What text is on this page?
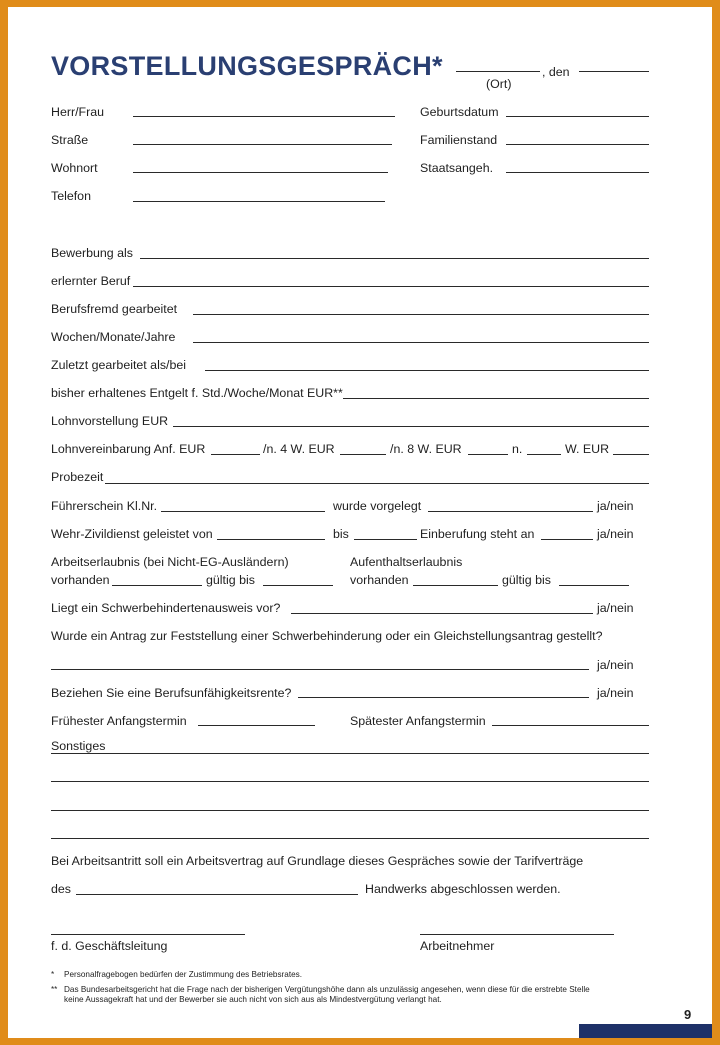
VORSTELLUNGSGESPRÄCH*	, den
(Ort)
Herr/Frau	Geburtsdatum
Straße	Familienstand
Wohnort	Staatsangeh.
Telefon
Bewerbung als
erlernter Beruf
Berufsfremd gearbeitet
Wochen/Monate/Jahre
Zuletzt gearbeitet als/bei
bisher erhaltenes Entgelt f. Std./Woche/Monat EUR**
Lohnvorstellung EUR
Lohnvereinbarung Anf. EUR	/n. 4 W. EUR	/n. 8 W. EUR	n.	W. EUR
Probezeit
Führerschein Kl.Nr.	wurde vorgelegt	ja/nein
Wehr-Zivildienst geleistet von	bis	Einberufung steht an	ja/nein
Arbeitserlaubnis (bei Nicht-EG-Ausländern)	Aufenthaltserlaubnis
vorhanden	gültig bis	vorhanden	gültig bis
Liegt ein Schwerbehindertenausweis vor?	ja/nein
Wurde ein Antrag zur Feststellung einer Schwerbehinderung oder ein Gleichstellungsantrag gestellt?
ja/nein
Beziehen Sie eine Berufsunfähigkeitsrente?	ja/nein
Frühester Anfangstermin	Spätester Anfangstermin
Sonstiges
Bei Arbeitsantritt soll ein Arbeitsvertrag auf Grundlage dieses Gespräches sowie der Tarifverträge
des	Handwerks abgeschlossen werden.
f. d. Geschäftsleitung	Arbeitnehmer
* Personalfragebogen bedürfen der Zustimmung des Betriebsrates.
** Das Bundesarbeitsgericht hat die Frage nach der bisherigen Vergütungshöhe dann als unzulässig angesehen, wenn diese für die erstrebte Stelle
keine Aussagekraft hat und der Bewerber sie auch nicht von sich aus als Mindestvergütung verlangt hat.
9
